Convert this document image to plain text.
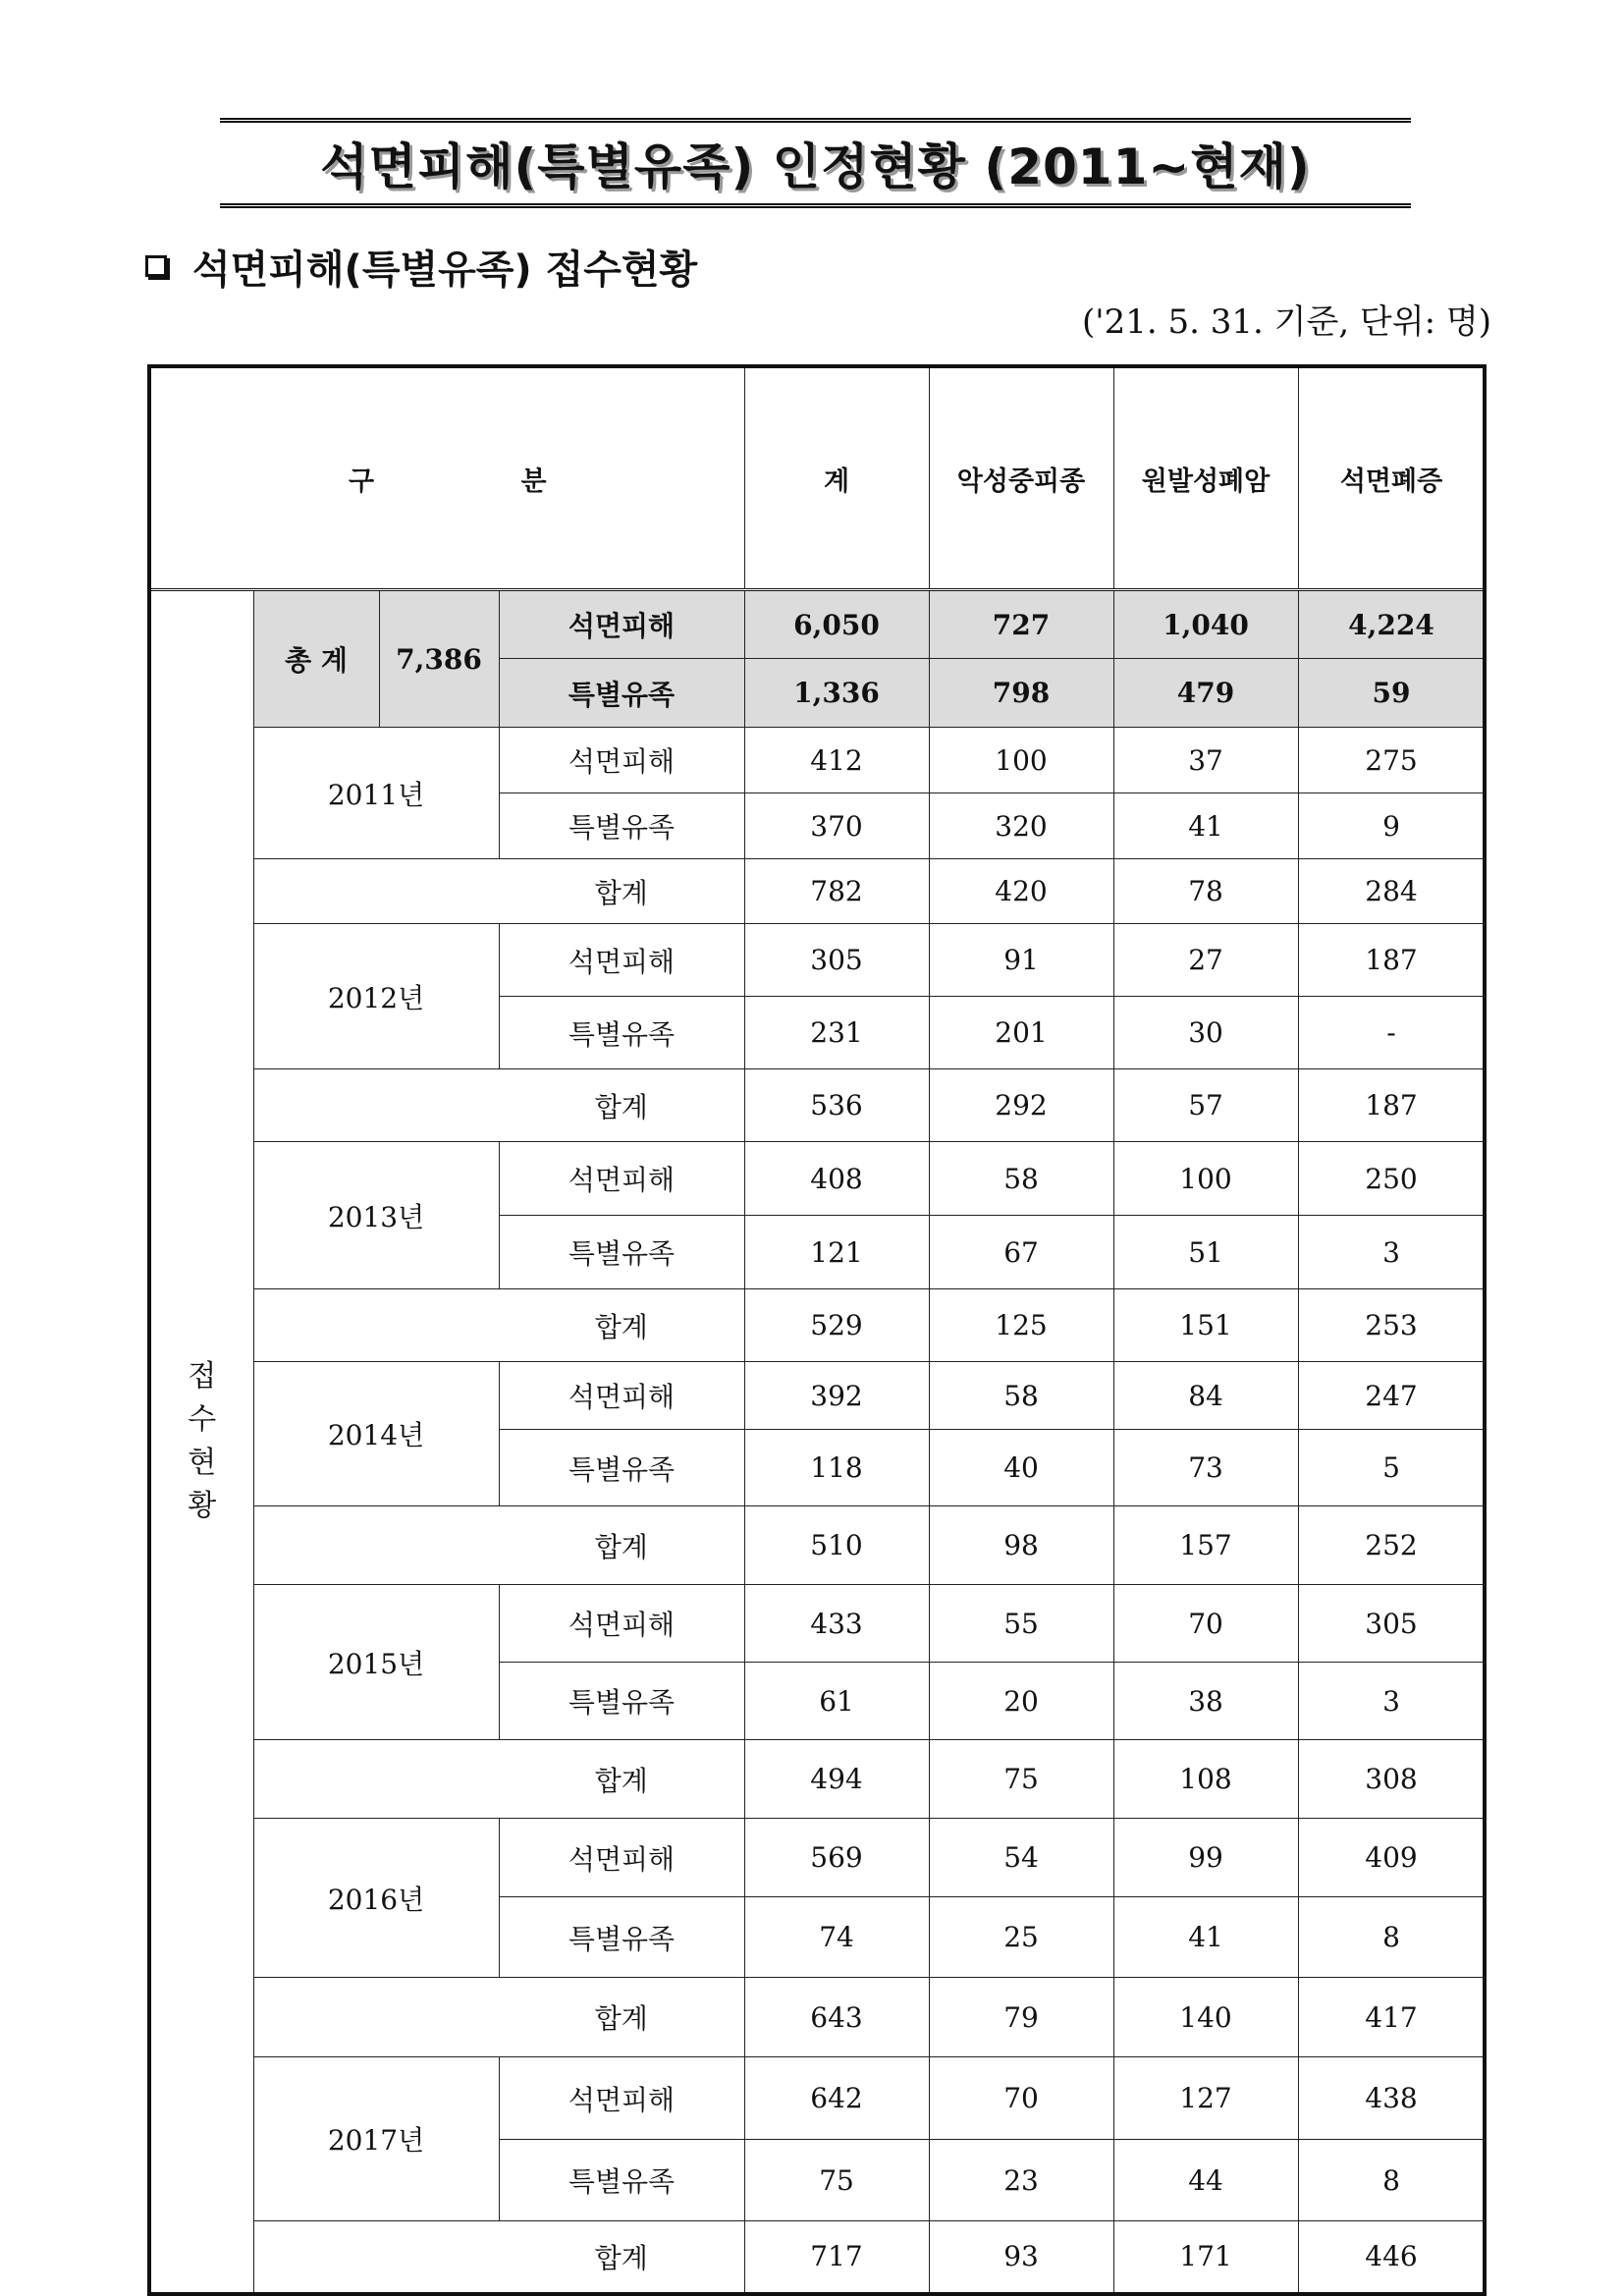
석면피해(특별유족) 인정현황 (2011~현재)
석면피해(특별유족) 접수현황
('21. 5. 31. 기준, 단위: 명)
구 분				계	악성중피종	원발성폐암	석면폐증	

접수현황	총 계	7,386	석면피해	6,050	727	1,040	4,224	
			특별유족	1,336	798	479	59	
	2011년		석면피해	412	100	37	275	
			특별유족	370	320	41	9	
			합계	782	420	78	284	
	2012년		석면피해	305	91	27	187	
			특별유족	231	201	30	-	
			합계	536	292	57	187	
	2013년		석면피해	408	58	100	250	
			특별유족	121	67	51	3	
			합계	529	125	151	253	
	2014년		석면피해	392	58	84	247	
			특별유족	118	40	73	5	
			합계	510	98	157	252	
	2015년		석면피해	433	55	70	305	
			특별유족	61	20	38	3	
			합계	494	75	108	308	
	2016년		석면피해	569	54	99	409	
			특별유족	74	25	41	8	
			합계	643	79	140	417	
	2017년		석면피해	642	70	127	438	
			특별유족	75	23	44	8	
			합계	717	93	171	446	
